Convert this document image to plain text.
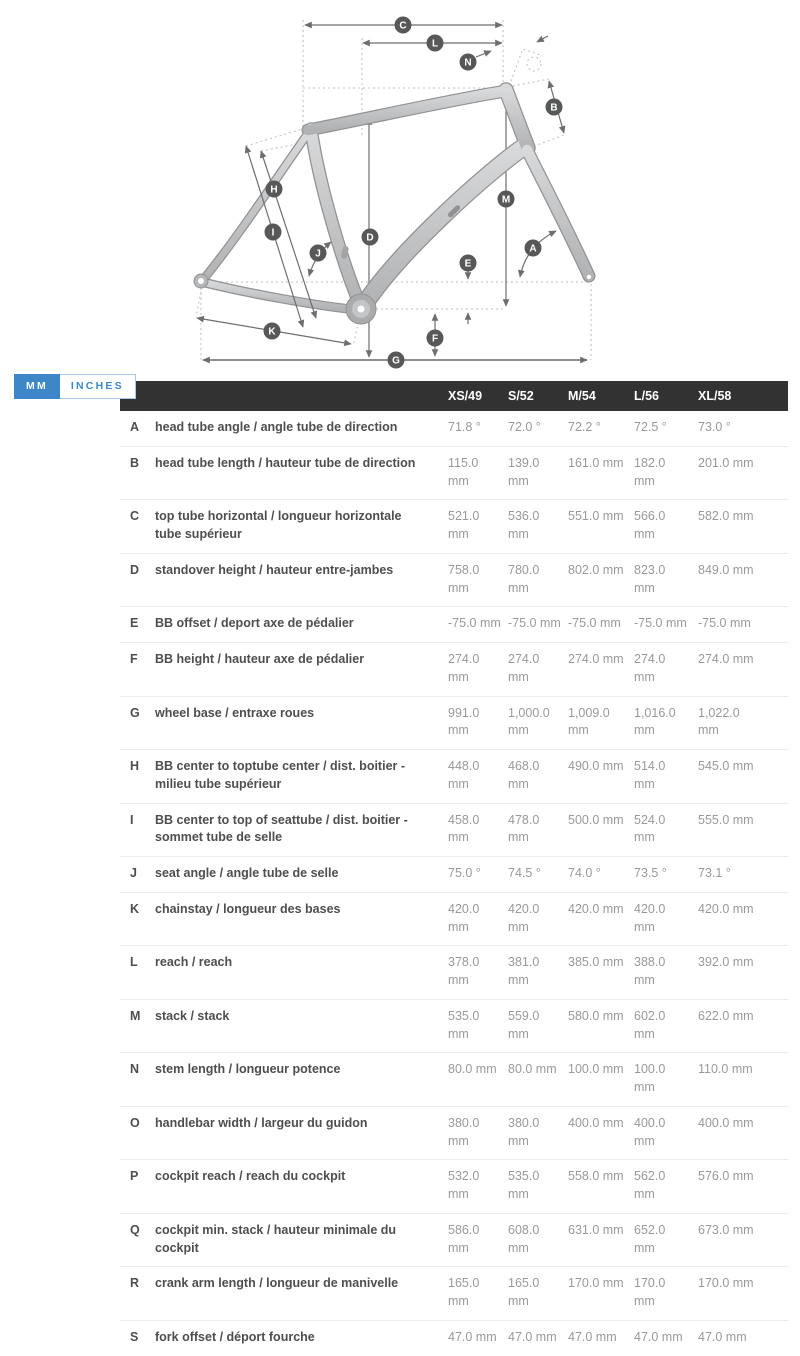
C
L
N
B
H
I
J
D
M
E
A
K
F
G
MM	INCHES
		XS/49	S/52	M/54	L/56	XL/58
A	head tube angle / angle tube de direction	71.8 °	72.0 °	72.2 °	72.5 °	73.0 °
B	head tube length / hauteur tube de direction	115.0 mm	139.0 mm	161.0 mm	182.0 mm	201.0 mm
C	top tube horizontal / longueur horizontale tube supérieur	521.0 mm	536.0 mm	551.0 mm	566.0 mm	582.0 mm
D	standover height / hauteur entre-jambes	758.0 mm	780.0 mm	802.0 mm	823.0 mm	849.0 mm
E	BB offset / deport axe de pédalier	-75.0 mm	-75.0 mm	-75.0 mm	-75.0 mm	-75.0 mm
F	BB height / hauteur axe de pédalier	274.0 mm	274.0 mm	274.0 mm	274.0 mm	274.0 mm
G	wheel base / entraxe roues	991.0 mm	1,000.0 mm	1,009.0 mm	1,016.0 mm	1,022.0 mm
H	BB center to toptube center / dist. boitier - milieu tube supérieur	448.0 mm	468.0 mm	490.0 mm	514.0 mm	545.0 mm
I	BB center to top of seattube / dist. boitier - sommet tube de selle	458.0 mm	478.0 mm	500.0 mm	524.0 mm	555.0 mm
J	seat angle / angle tube de selle	75.0 °	74.5 °	74.0 °	73.5 °	73.1 °
K	chainstay / longueur des bases	420.0 mm	420.0 mm	420.0 mm	420.0 mm	420.0 mm
L	reach / reach	378.0 mm	381.0 mm	385.0 mm	388.0 mm	392.0 mm
M	stack / stack	535.0 mm	559.0 mm	580.0 mm	602.0 mm	622.0 mm
N	stem length / longueur potence	80.0 mm	80.0 mm	100.0 mm	100.0 mm	110.0 mm
O	handlebar width / largeur du guidon	380.0 mm	380.0 mm	400.0 mm	400.0 mm	400.0 mm
P	cockpit reach / reach du cockpit	532.0 mm	535.0 mm	558.0 mm	562.0 mm	576.0 mm
Q	cockpit min. stack / hauteur minimale du cockpit	586.0 mm	608.0 mm	631.0 mm	652.0 mm	673.0 mm
R	crank arm length / longueur de manivelle	165.0 mm	165.0 mm	170.0 mm	170.0 mm	170.0 mm
S	fork offset / déport fourche	47.0 mm	47.0 mm	47.0 mm	47.0 mm	47.0 mm
